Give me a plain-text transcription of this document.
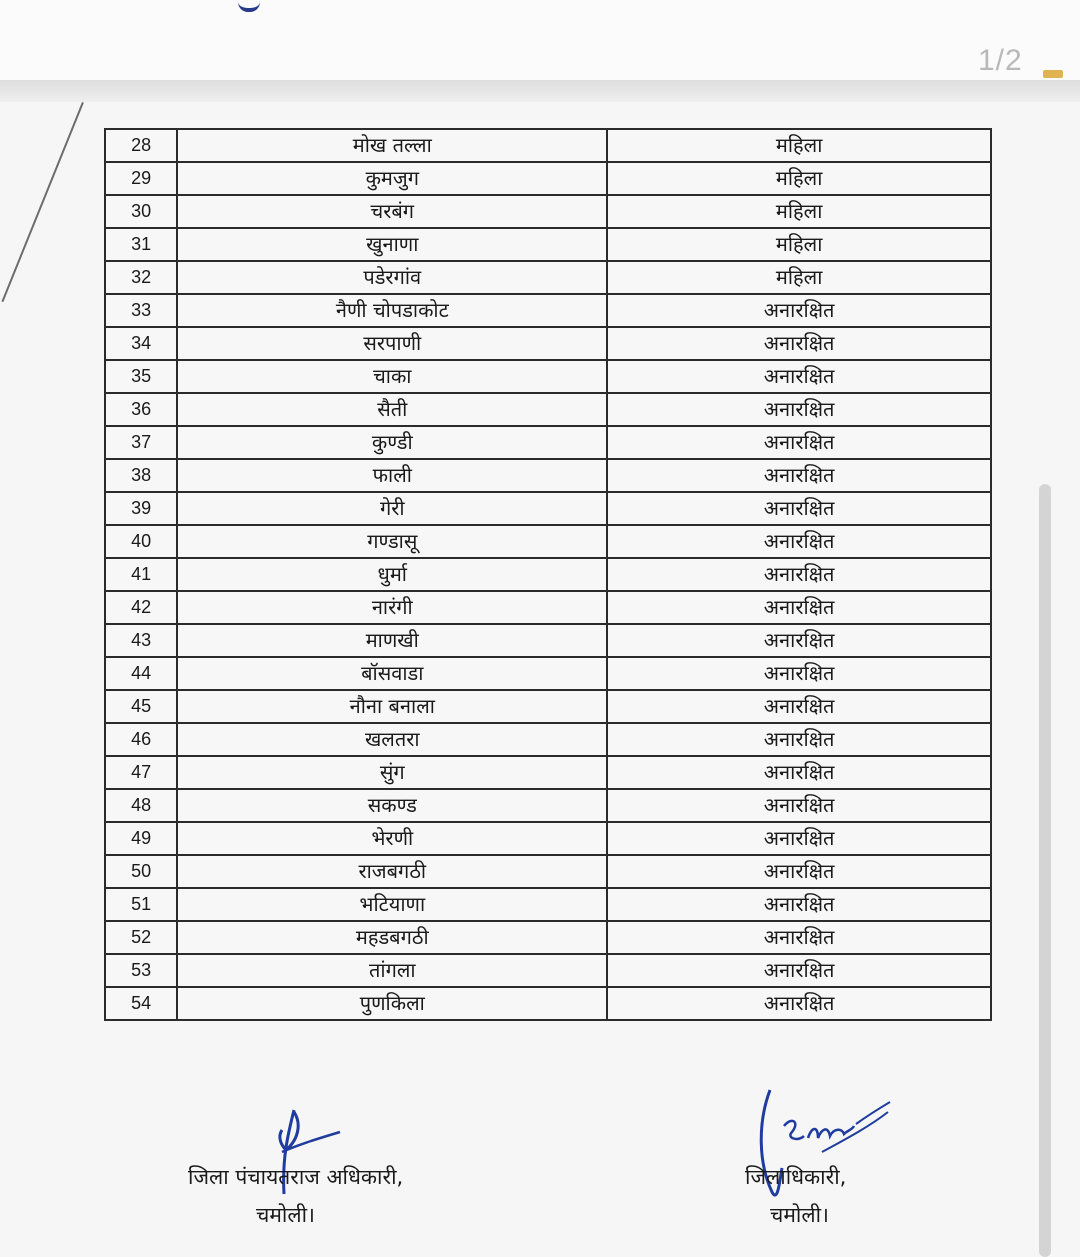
1/2
28	मोख तल्ला	महिला
29	कुमजुग	महिला
30	चरबंग	महिला
31	खुनाणा	महिला
32	पडेरगांव	महिला
33	नैणी चोपडाकोट	अनारक्षित
34	सरपाणी	अनारक्षित
35	चाका	अनारक्षित
36	सैती	अनारक्षित
37	कुण्डी	अनारक्षित
38	फाली	अनारक्षित
39	गेरी	अनारक्षित
40	गण्डासू	अनारक्षित
41	धुर्मा	अनारक्षित
42	नारंगी	अनारक्षित
43	माणखी	अनारक्षित
44	बॉसवाडा	अनारक्षित
45	नौना बनाला	अनारक्षित
46	खलतरा	अनारक्षित
47	सुंग	अनारक्षित
48	सकण्ड	अनारक्षित
49	भेरणी	अनारक्षित
50	राजबगठी	अनारक्षित
51	भटियाणा	अनारक्षित
52	महडबगठी	अनारक्षित
53	तांगला	अनारक्षित
54	पुणकिला	अनारक्षित
जिला पंचायतराज अधिकारी,
चमोली।
जिलाधिकारी,
चमोली।
